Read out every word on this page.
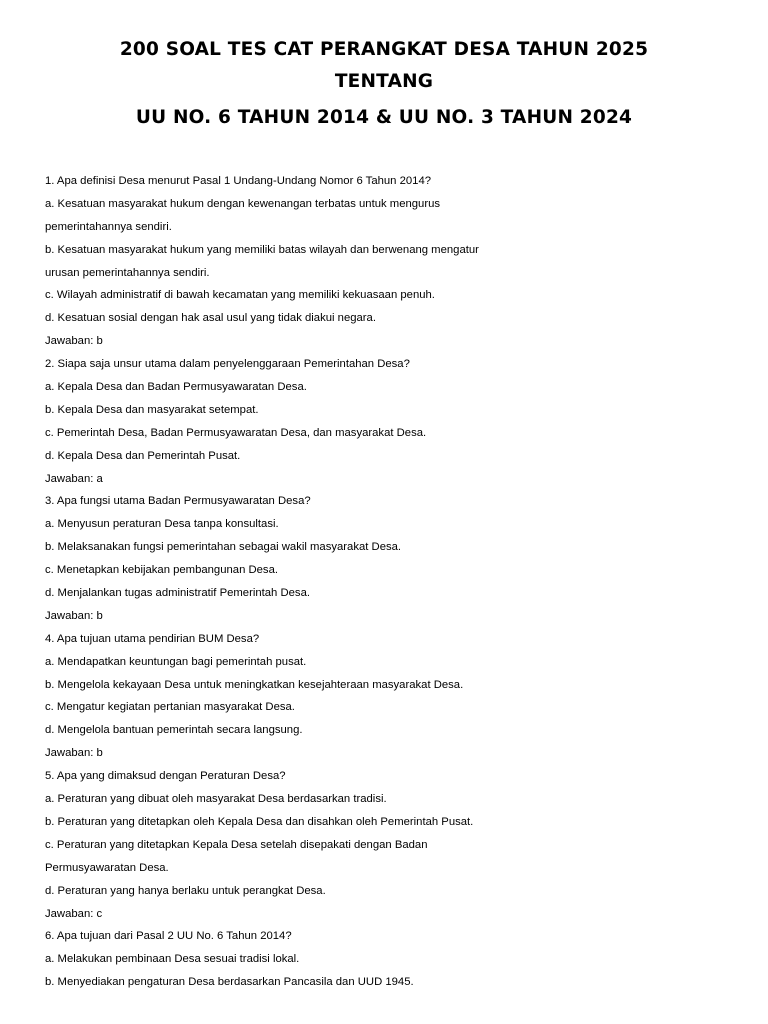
200 SOAL TES CAT PERANGKAT DESA TAHUN 2025
TENTANG
UU NO. 6 TAHUN 2014 & UU NO. 3 TAHUN 2024
1. Apa definisi Desa menurut Pasal 1 Undang-Undang Nomor 6 Tahun 2014?
a. Kesatuan masyarakat hukum dengan kewenangan terbatas untuk mengurus
pemerintahannya sendiri.
b. Kesatuan masyarakat hukum yang memiliki batas wilayah dan berwenang mengatur
urusan pemerintahannya sendiri.
c. Wilayah administratif di bawah kecamatan yang memiliki kekuasaan penuh.
d. Kesatuan sosial dengan hak asal usul yang tidak diakui negara.
Jawaban: b
2. Siapa saja unsur utama dalam penyelenggaraan Pemerintahan Desa?
a. Kepala Desa dan Badan Permusyawaratan Desa.
b. Kepala Desa dan masyarakat setempat.
c. Pemerintah Desa, Badan Permusyawaratan Desa, dan masyarakat Desa.
d. Kepala Desa dan Pemerintah Pusat.
Jawaban: a
3. Apa fungsi utama Badan Permusyawaratan Desa?
a. Menyusun peraturan Desa tanpa konsultasi.
b. Melaksanakan fungsi pemerintahan sebagai wakil masyarakat Desa.
c. Menetapkan kebijakan pembangunan Desa.
d. Menjalankan tugas administratif Pemerintah Desa.
Jawaban: b
4. Apa tujuan utama pendirian BUM Desa?
a. Mendapatkan keuntungan bagi pemerintah pusat.
b. Mengelola kekayaan Desa untuk meningkatkan kesejahteraan masyarakat Desa.
c. Mengatur kegiatan pertanian masyarakat Desa.
d. Mengelola bantuan pemerintah secara langsung.
Jawaban: b
5. Apa yang dimaksud dengan Peraturan Desa?
a. Peraturan yang dibuat oleh masyarakat Desa berdasarkan tradisi.
b. Peraturan yang ditetapkan oleh Kepala Desa dan disahkan oleh Pemerintah Pusat.
c. Peraturan yang ditetapkan Kepala Desa setelah disepakati dengan Badan
Permusyawaratan Desa.
d. Peraturan yang hanya berlaku untuk perangkat Desa.
Jawaban: c
6. Apa tujuan dari Pasal 2 UU No. 6 Tahun 2014?
a. Melakukan pembinaan Desa sesuai tradisi lokal.
b. Menyediakan pengaturan Desa berdasarkan Pancasila dan UUD 1945.
